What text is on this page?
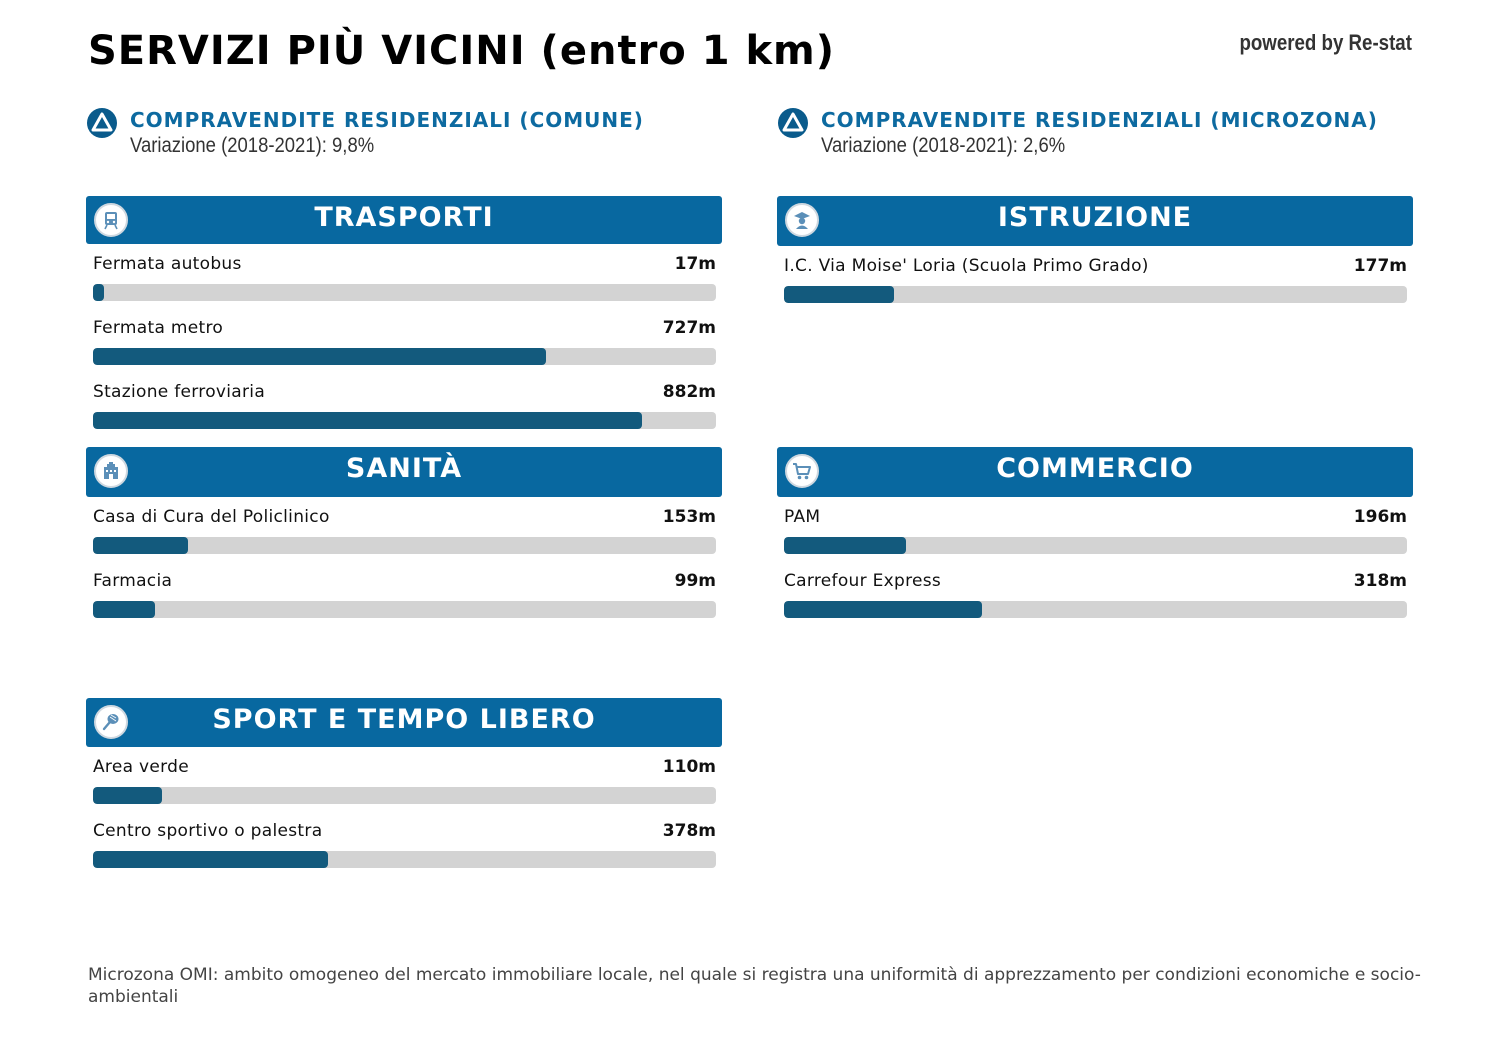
SERVIZI PIÙ VICINI (entro 1 km)	powered by Re-stat
COMPRAVENDITE RESIDENZIALI (COMUNE)
Variazione (2018-2021): 9,8%
COMPRAVENDITE RESIDENZIALI (MICROZONA)
Variazione (2018-2021): 2,6%
TRASPORTI
Fermata autobus	17m
Fermata metro	727m
Stazione ferroviaria	882m
ISTRUZIONE
I.C. Via Moise' Loria (Scuola Primo Grado)	177m
SANITÀ
Casa di Cura del Policlinico	153m
Farmacia	99m
COMMERCIO
PAM	196m
Carrefour Express	318m
SPORT E TEMPO LIBERO
Area verde	110m
Centro sportivo o palestra	378m
Microzona OMI: ambito omogeneo del mercato immobiliare locale, nel quale si registra una uniformità di apprezzamento per condizioni economiche e socio-ambientali
